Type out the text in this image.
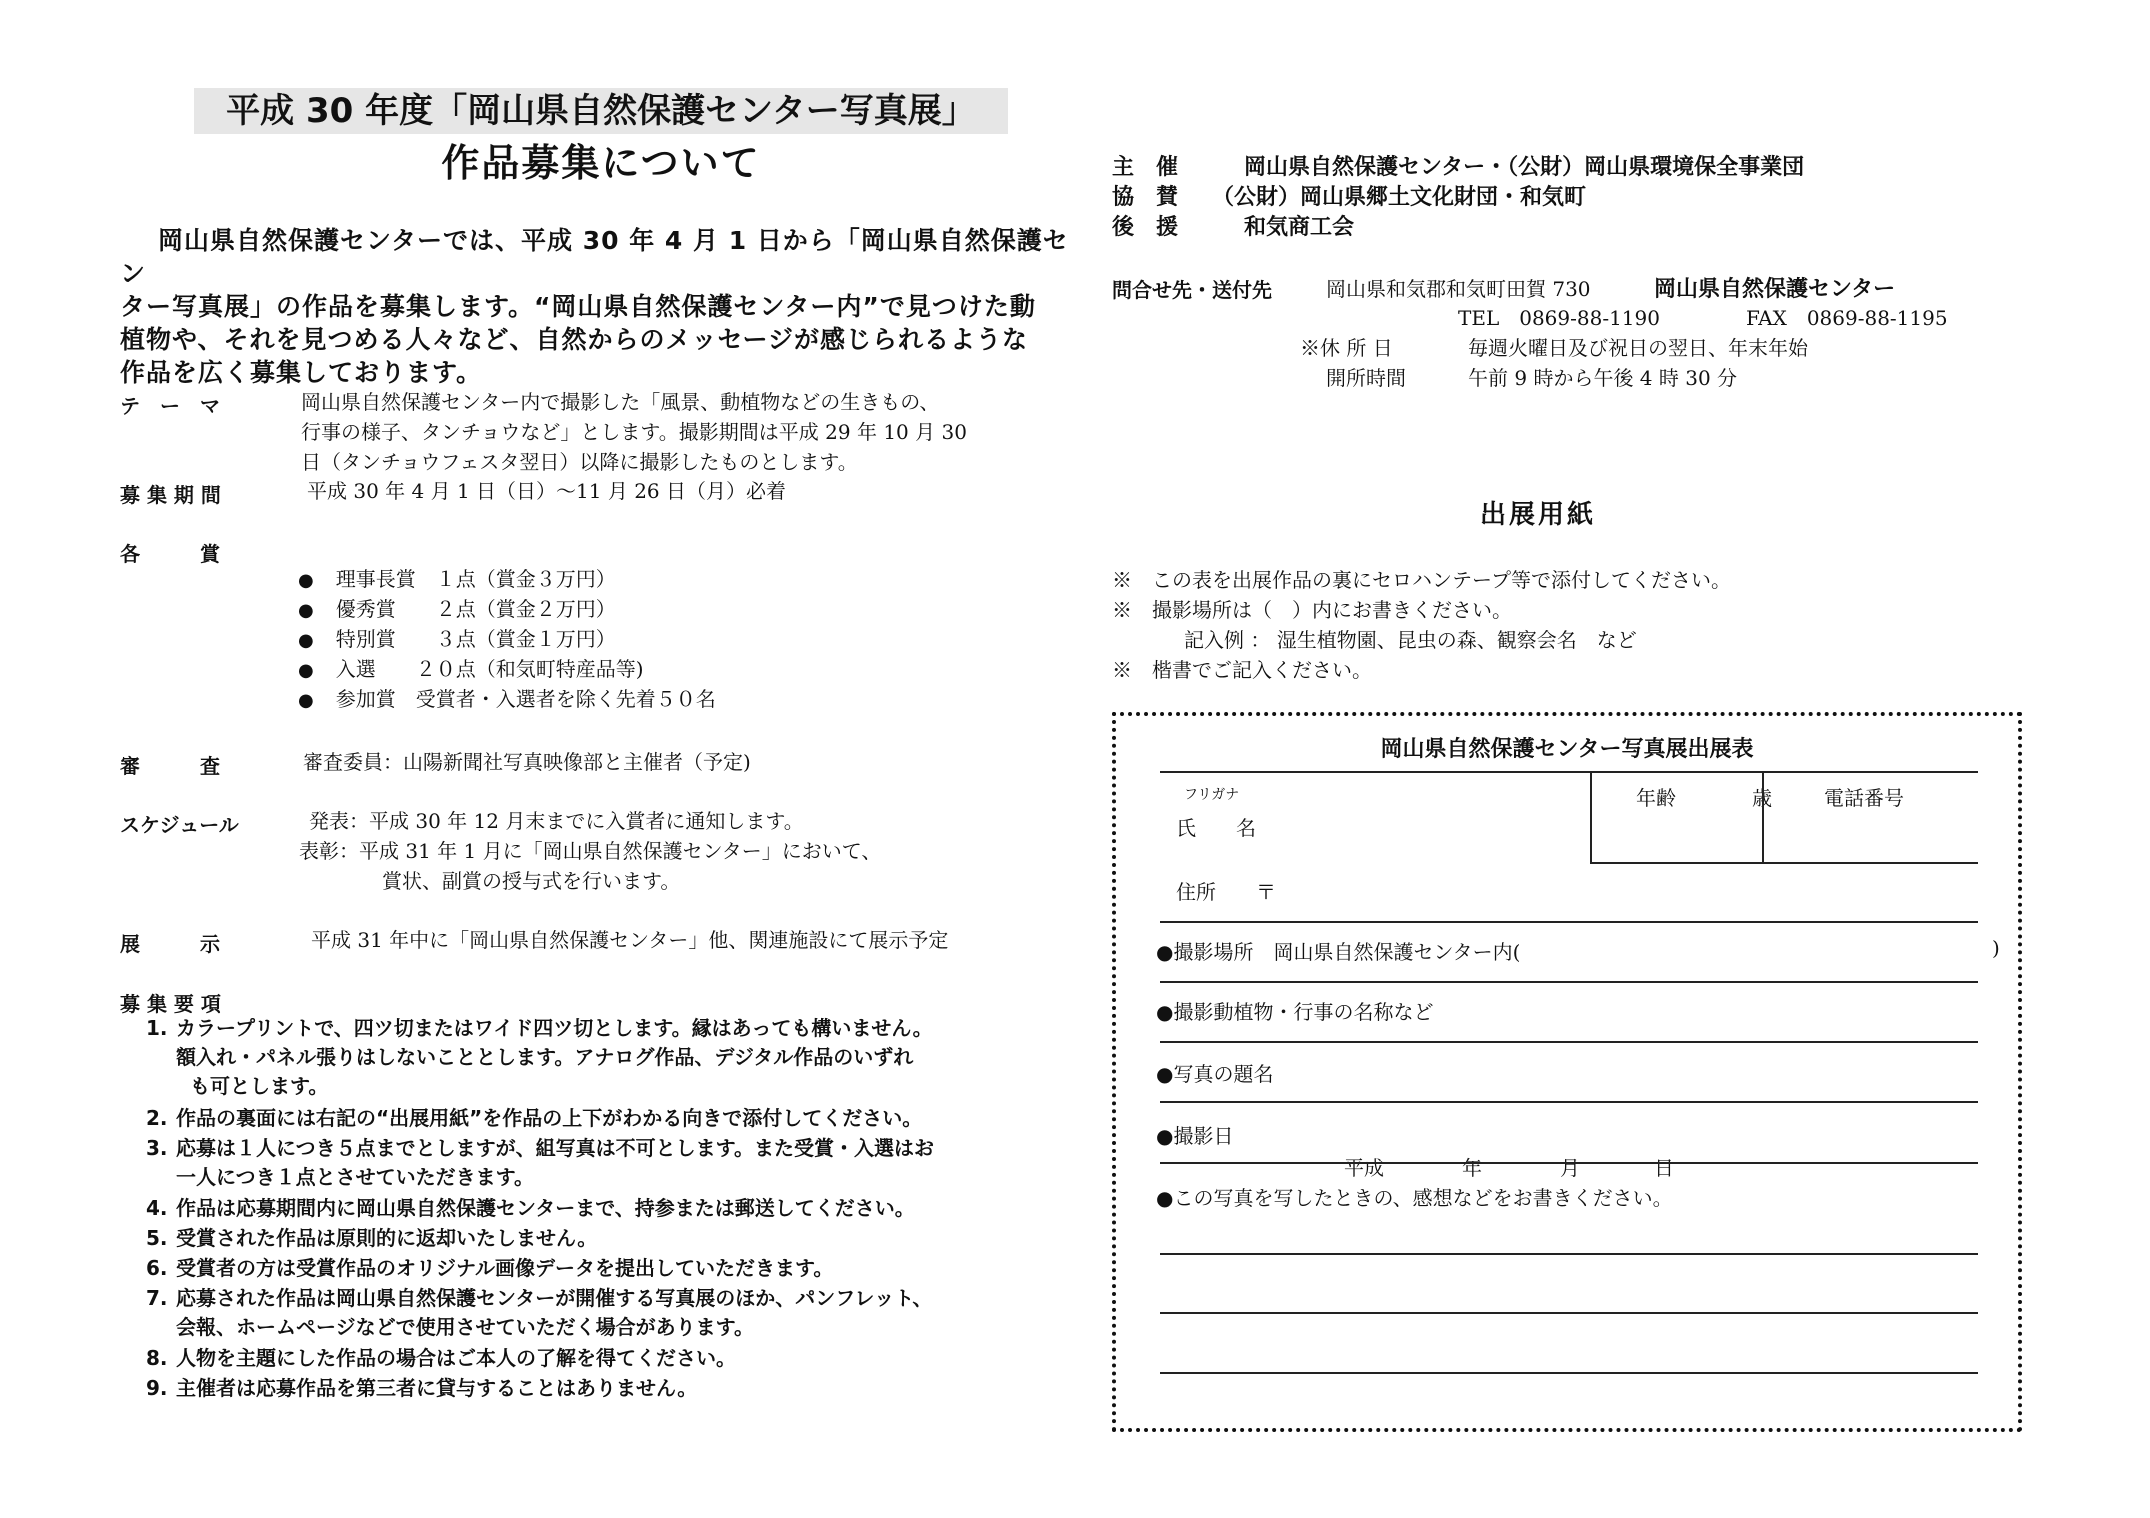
平成 30 年度「岡山県自然保護センター写真展」
作品募集について

岡山県自然保護センターでは、平成 30 年 4 月 1 日から「岡山県自然保護セン

ター写真展」の作品を募集します。“岡山県自然保護センター内”で見つけた動
植物や、それを見つめる人々など、自然からのメッセージが感じられるような
作品を広く募集しております。
テ　ー　マ	岡山県自然保護センター内で撮影した「風景、動植物などの生きもの、
行事の様子、タンチョウなど」とします。撮影期間は平成 29 年 10 月 30
日（タンチョウフェスタ翌日）以降に撮影したものとします。
募 集 期 間	平成 30 年 4 月 1 日（日）～11 月 26 日（月）必着
各　　　賞
● 理事長賞　１点（賞金３万円）
● 優秀賞　　２点（賞金２万円）
● 特別賞　　３点（賞金１万円）
● 入選　　２０点（和気町特産品等)
● 参加賞　受賞者・入選者を除く先着５０名
審　　　査	審査委員：山陽新聞社写真映像部と主催者（予定)
スケジュール	発表：平成 30 年 12 月末までに入賞者に通知します。
表彰：平成 31 年 1 月に「岡山県自然保護センター」において、
賞状、副賞の授与式を行います。
展　　　示	平成 31 年中に「岡山県自然保護センター」他、関連施設にて展示予定
募 集 要 項
1. カラープリントで、四ツ切またはワイド四ツ切とします。縁はあっても構いません。
額入れ・パネル張りはしないこととします。アナログ作品、デジタル作品のいずれ
も可とします。
2. 作品の裏面には右記の“出展用紙”を作品の上下がわかる向きで添付してください。
3. 応募は１人につき５点までとしますが、組写真は不可とします。また受賞・入選はお
一人につき１点とさせていただきます。
4. 作品は応募期間内に岡山県自然保護センターまで、持参または郵送してください。
5. 受賞された作品は原則的に返却いたしません。
6. 受賞者の方は受賞作品のオリジナル画像データを提出していただきます。
7. 応募された作品は岡山県自然保護センターが開催する写真展のほか、パンフレット、
会報、ホームページなどで使用させていただく場合があります。
8. 人物を主題にした作品の場合はご本人の了解を得てください。
9. 主催者は応募作品を第三者に貸与することはありません。
主　催	岡山県自然保護センター・（公財）岡山県環境保全事業団
協　賛 （公財）岡山県郷土文化財団・和気町
後　援	和気商工会
問合せ先・送付先	岡山県和気郡和気町田賀 730	岡山県自然保護センター
TEL　0869-88-1190	FAX　0869-88-1195
※休 所 日	毎週火曜日及び祝日の翌日、年末年始
開所時間	午前 9 時から午後 4 時 30 分
出展用紙
※　この表を出展作品の裏にセロハンテープ等で添付してください。
※　撮影場所は（　）内にお書きください。
記入例 ： 湿生植物園、昆虫の森、観察会名　など
※　楷書でご記入ください。
岡山県自然保護センター写真展出展表
フリガナ
氏　　名
年齢	歳	電話番号
住所　　〒
●撮影場所　岡山県自然保護センター内(	)
●撮影動植物・行事の名称など
●写真の題名
●撮影日
平成	年	月	日
●この写真を写したときの、感想などをお書きください。
